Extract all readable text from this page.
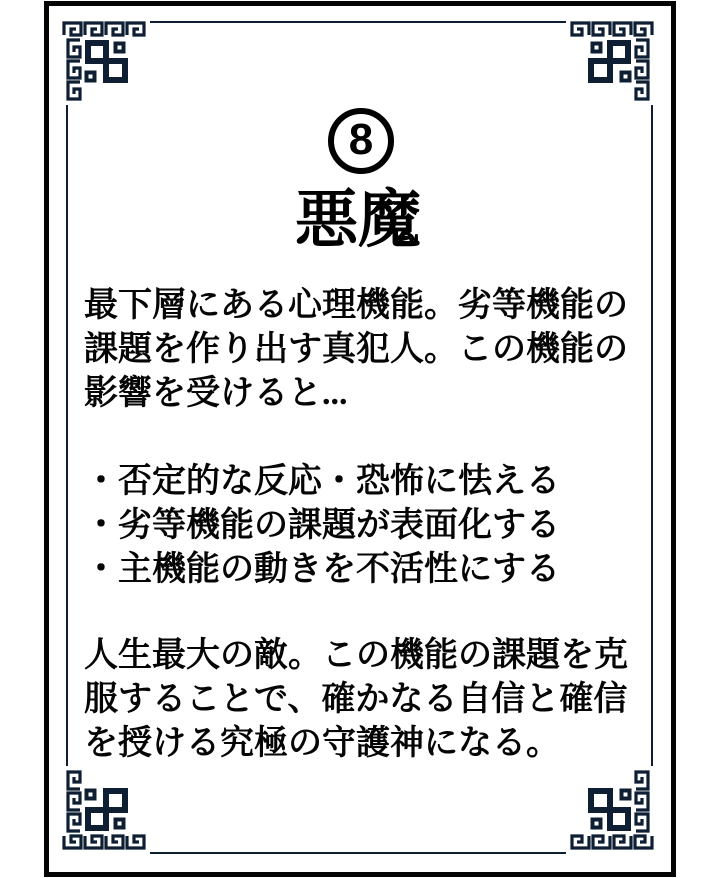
8
悪魔
最下層にある心理機能。劣等機能の
課題を作り出す真犯人。この機能の
影響を受けると...
・否定的な反応・恐怖に怯える
・劣等機能の課題が表面化する
・主機能の動きを不活性にする
人生最大の敵。この機能の課題を克
服することで、確かなる自信と確信
を授ける究極の守護神になる。
